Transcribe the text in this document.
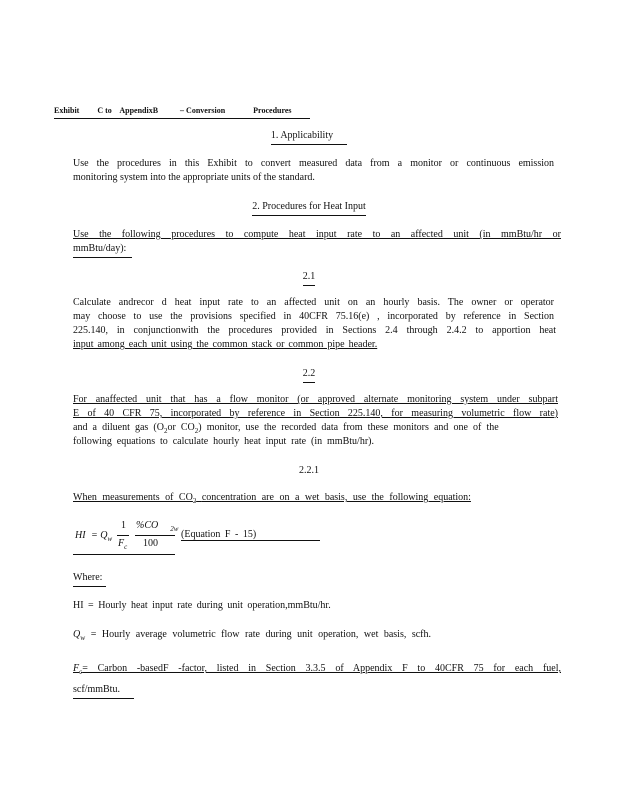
Exhibit C to AppendixB	– Conversion	Procedures
1. Applicability
Use the procedures in this Exhibit to convert measured data from a monitor or continuous emission
monitoring system into the appropriate units of the standard.
2. Procedures for Heat Input
Use the following procedures to compute heat input rate to an affected unit (in mmBtu/hr or
mmBtu/day):
2.1
Calculate andrecor d heat input rate to an affected unit on an hourly basis. The owner or operator
may choose to use the provisions specified in 40CFR 75.16(e) , incorporated by reference in Section
225.140, in conjunctionwith the procedures provided in Sections 2.4 through 2.4.2 to apportion heat
input among each unit using the common stack or common pipe header.
2.2
For anaffected unit that has a flow monitor (or approved alternate monitoring system under subpart
E of 40 CFR 75, incorporated by reference in Section 225.140, for measuring volumetric flow rate)
and a diluent gas ($O_2or$ $CO_2$) monitor, use the recorded data from these monitors and one of the
following equations to calculate hourly heat input rate (in mmBtu/hr).
2.2.1
When measurements of $CO_2$ concentration are on a wet basis, use the following equation:
HI = $Q_w$
1
$F_c$
%CO $_{2w}$
100
(Equation F - 15)
Where:
HI = Hourly heat input rate during unit operation,mmBtu/hr.
$Q_w$ = Hourly average volumetric flow rate during unit operation, wet basis, scfh.
$F_c=$ Carbon -basedF -factor, listed in Section 3.3.5 of Appendix F to 40CFR 75 for each fuel,
scf/mmBtu.
